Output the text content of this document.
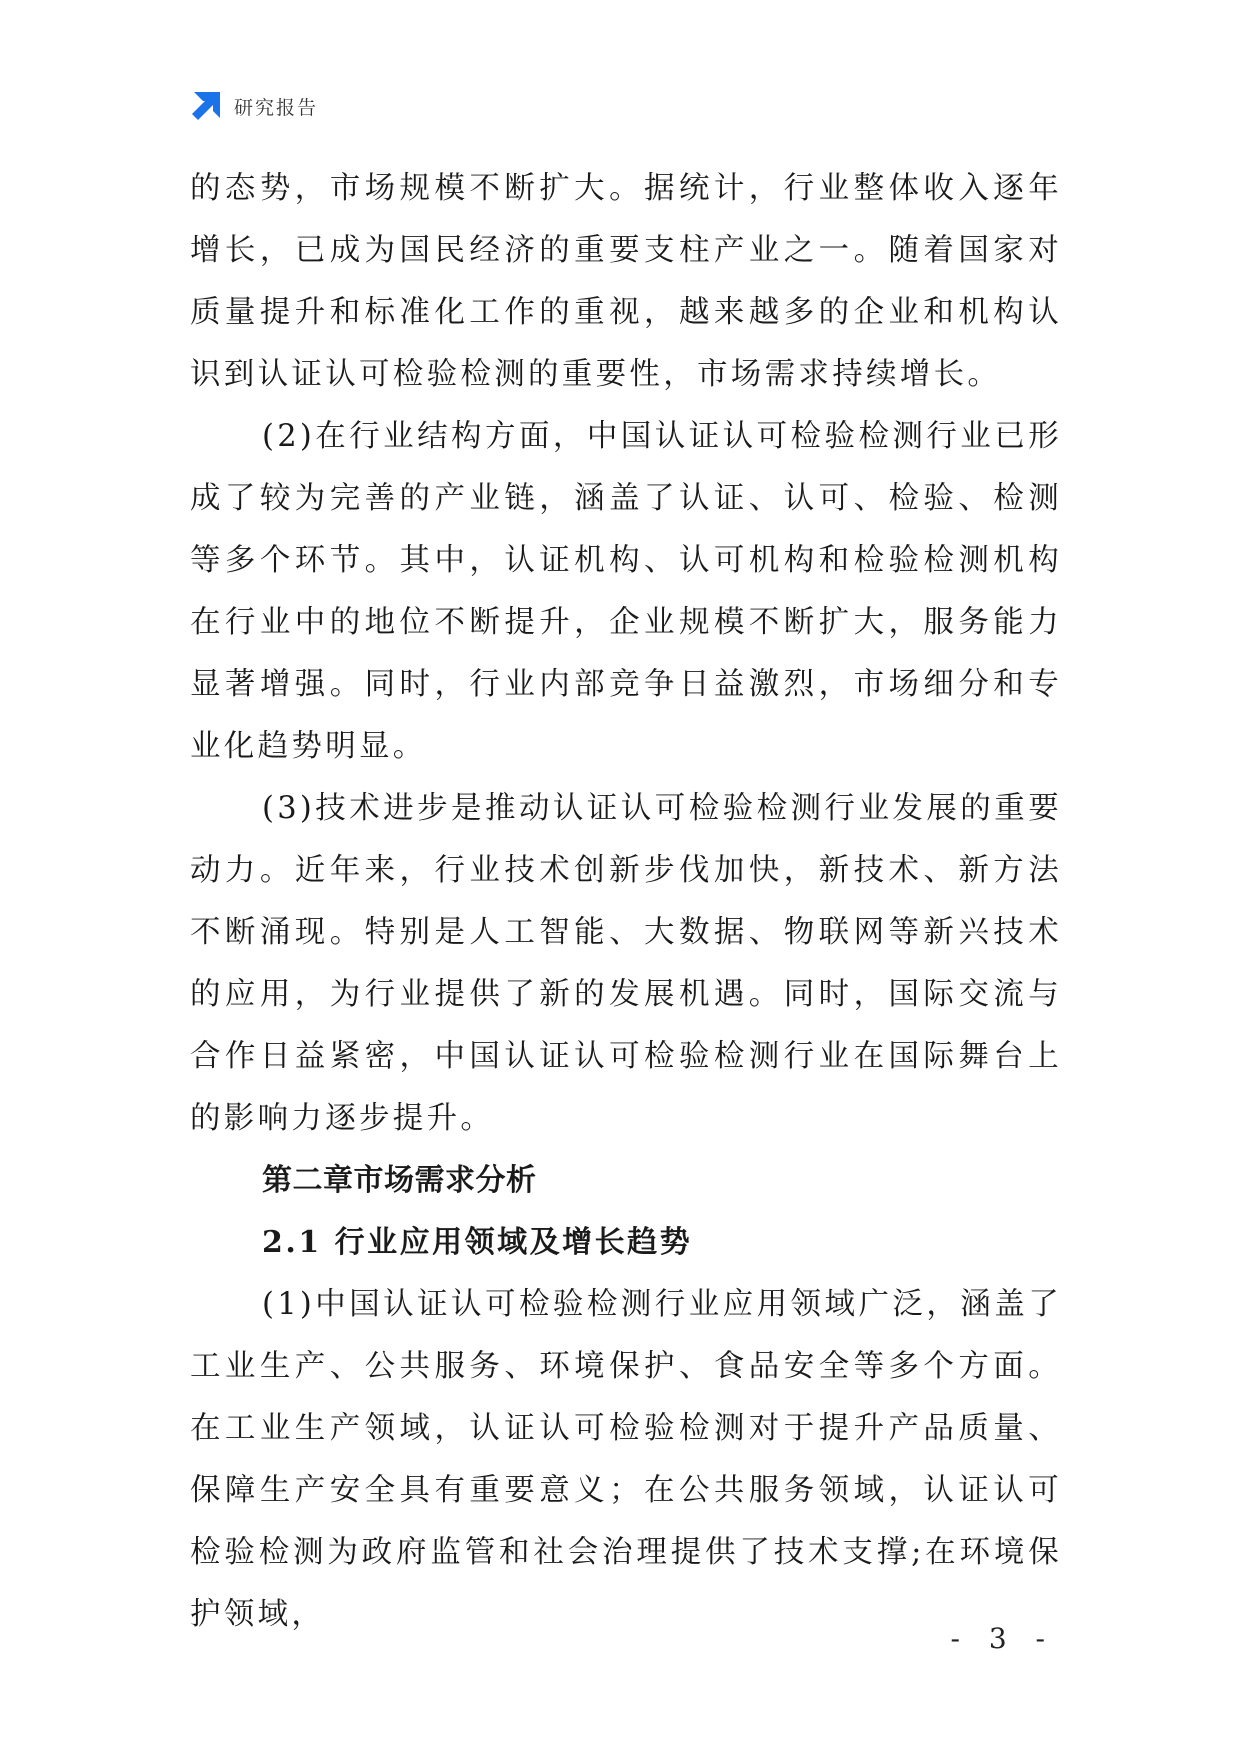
研究报告

的态势，市场规模不断扩大。据统计，行业整体收入逐年增长，已成为国民经济的重要支柱产业之一。随着国家对质量提升和标准化工作的重视，越来越多的企业和机构认识到认证认可检验检测的重要性，市场需求持续增长。

(2)在行业结构方面，中国认证认可检验检测行业已形成了较为完善的产业链，涵盖了认证、认可、检验、检测等多个环节。其中，认证机构、认可机构和检验检测机构在行业中的地位不断提升，企业规模不断扩大，服务能力显著增强。同时，行业内部竞争日益激烈，市场细分和专业化趋势明显。

(3)技术进步是推动认证认可检验检测行业发展的重要动力。近年来，行业技术创新步伐加快，新技术、新方法不断涌现。特别是人工智能、大数据、物联网等新兴技术的应用，为行业提供了新的发展机遇。同时，国际交流与合作日益紧密，中国认证认可检验检测行业在国际舞台上的影响力逐步提升。

第二章市场需求分析
2.1 行业应用领域及增长趋势

(1)中国认证认可检验检测行业应用领域广泛，涵盖了工业生产、公共服务、环境保护、食品安全等多个方面。在工业生产领域，认证认可检验检测对于提升产品质量、保障生产安全具有重要意义；在公共服务领域，认证认可检验检测为政府监管和社会治理提供了技术支撑;在环境保护领域，

- 3 -
